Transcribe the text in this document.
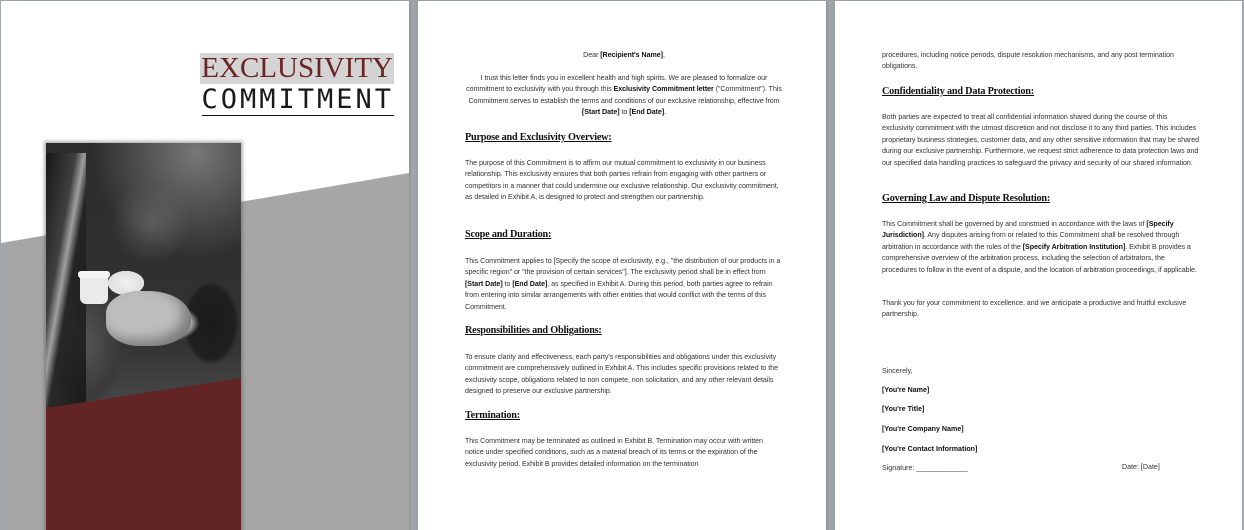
EXCLUSIVITY
COMMITMENT
Dear [Recipient's Name],
I trust this letter finds you in excellent health and high spirits. We are pleased to formalize our commitment to exclusivity with you through this Exclusivity Commitment letter ("Commitment"). This Commitment serves to establish the terms and conditions of our exclusive relationship, effective from [Start Date] to [End Date].
Purpose and Exclusivity Overview:
The purpose of this Commitment is to affirm our mutual commitment to exclusivity in our business relationship. This exclusivity ensures that both parties refrain from engaging with other partners or competitors in a manner that could undermine our exclusive relationship. Our exclusivity commitment, as detailed in Exhibit A, is designed to protect and strengthen our partnership.
Scope and Duration:
This Commitment applies to [Specify the scope of exclusivity, e.g., "the distribution of our products in a specific region" or "the provision of certain services"]. The exclusivity period shall be in effect from [Start Date] to [End Date], as specified in Exhibit A. During this period, both parties agree to refrain from entering into similar arrangements with other entities that would conflict with the terms of this Commitment.
Responsibilities and Obligations:
To ensure clarity and effectiveness, each party's responsibilities and obligations under this exclusivity commitment are comprehensively outlined in Exhibit A. This includes specific provisions related to the exclusivity scope, obligations related to non compete, non solicitation, and any other relevant details designed to preserve our exclusive partnership.
Termination:
This Commitment may be terminated as outlined in Exhibit B. Termination may occur with written notice under specified conditions, such as a material breach of its terms or the expiration of the exclusivity period. Exhibit B provides detailed information on the termination
procedures, including notice periods, dispute resolution mechanisms, and any post termination obligations.
Confidentiality and Data Protection:
Both parties are expected to treat all confidential information shared during the course of this exclusivity commitment with the utmost discretion and not disclose it to any third parties. This includes proprietary business strategies, customer data, and any other sensitive information that may be shared during our exclusive partnership. Furthermore, we request strict adherence to data protection laws and our specified data handling practices to safeguard the privacy and security of our shared information.
Governing Law and Dispute Resolution:
This Commitment shall be governed by and construed in accordance with the laws of [Specify Jurisdiction]. Any disputes arising from or related to this Commitment shall be resolved through arbitration in accordance with the rules of the [Specify Arbitration Institution]. Exhibit B provides a comprehensive overview of the arbitration process, including the selection of arbitrators, the procedures to follow in the event of a dispute, and the location of arbitration proceedings, if applicable.
Thank you for your commitment to excellence, and we anticipate a productive and fruitful exclusive partnership.
Sincerely,
[You're Name]
[You're Title]
[You're Company Name]
[You're Contact Information]
Signature: _____________	Date: [Date]
